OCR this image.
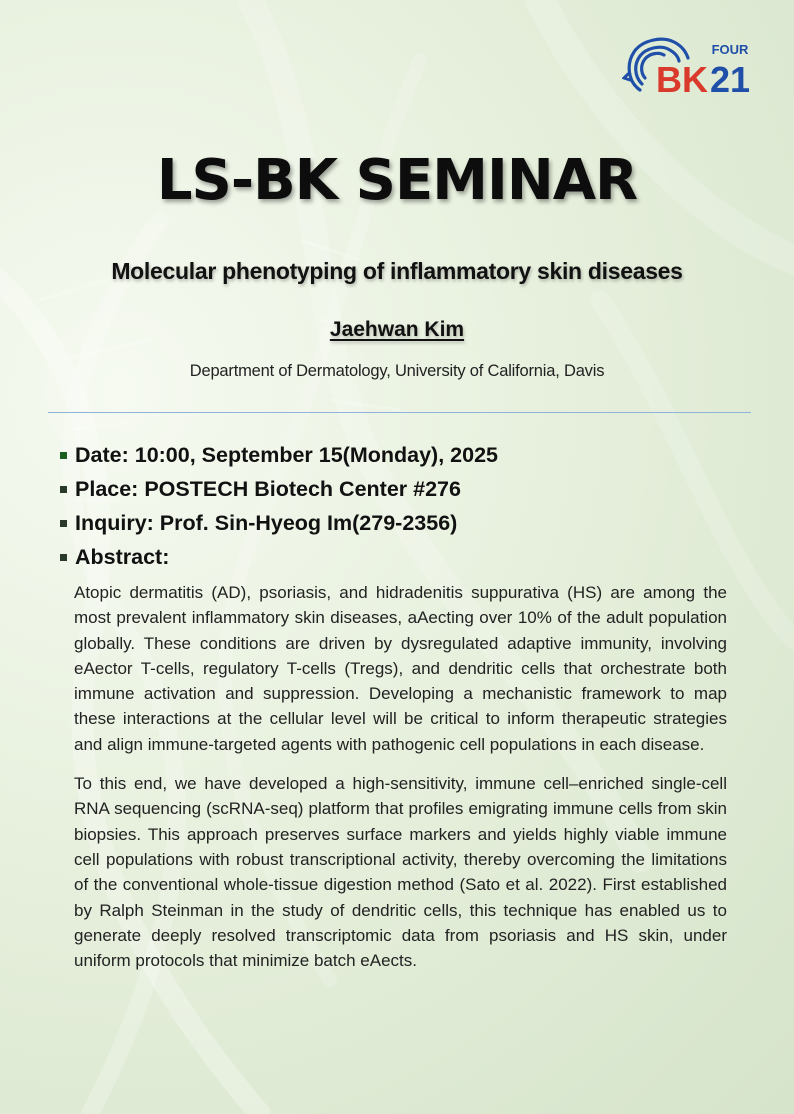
FOUR
BK 21
LS-BK SEMINAR
Molecular phenotyping of inflammatory skin diseases
Jaehwan Kim
Department of Dermatology, University of California, Davis
Date: 10:00, September 15(Monday), 2025
Place: POSTECH Biotech Center #276
Inquiry: Prof. Sin-Hyeog Im(279-2356)
Abstract:

Atopic dermatitis (AD), psoriasis, and hidradenitis suppurativa (HS) are among the most prevalent inflammatory skin diseases, aAecting over 10% of the adult population globally. These conditions are driven by dysregulated adaptive immunity, involving eAector T-cells, regulatory T-cells (Tregs), and dendritic cells that orchestrate both immune activation and suppression. Developing a mechanistic framework to map these interactions at the cellular level will be critical to inform therapeutic strategies and align immune-targeted agents with pathogenic cell populations in each disease.

To this end, we have developed a high-sensitivity, immune cell–enriched single-cell RNA sequencing (scRNA-seq) platform that profiles emigrating immune cells from skin biopsies. This approach preserves surface markers and yields highly viable immune cell populations with robust transcriptional activity, thereby overcoming the limitations of the conventional whole-tissue digestion method (Sato et al. 2022). First established by Ralph Steinman in the study of dendritic cells, this technique has enabled us to generate deeply resolved transcriptomic data from psoriasis and HS skin, under uniform protocols that minimize batch eAects.
